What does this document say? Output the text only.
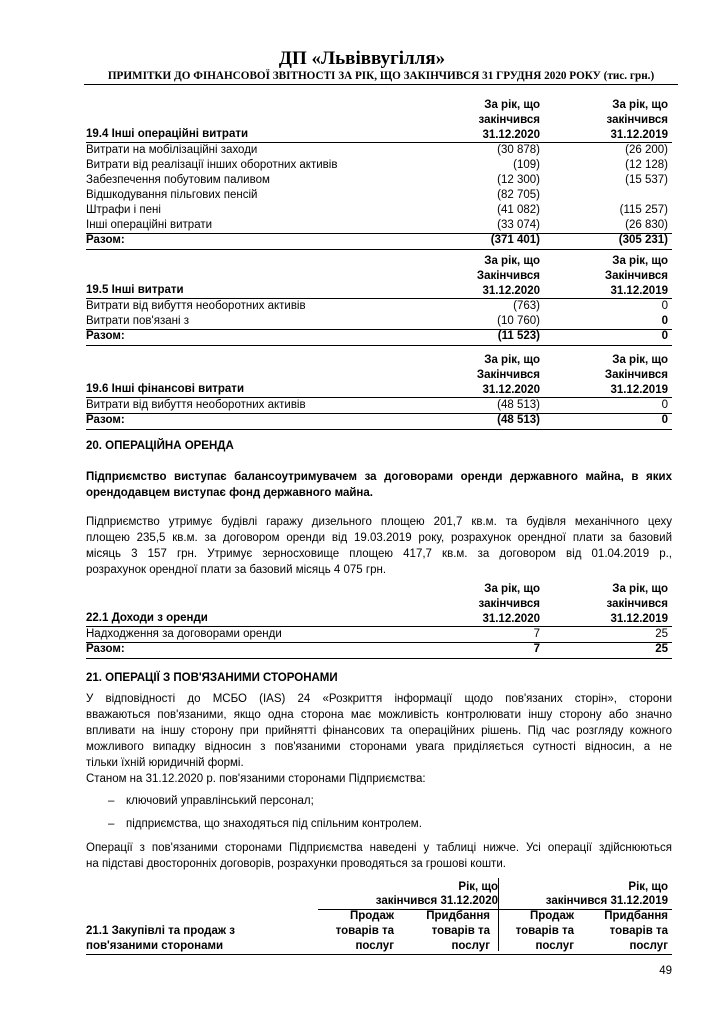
ДП «Львіввугілля»
ПРИМІТКИ ДО ФІНАНСОВОЇ ЗВІТНОСТІ ЗА РІК, ЩО ЗАКІНЧИВСЯ 31 ГРУДНЯ 2020 РОКУ (тис. грн.)
За рік, що
закінчився
31.12.2020
За рік, що
закінчився
31.12.2019
19.4 Інші операційні витрати
Витрати на мобілізаційні заходи	(30 878)	(26 200)
Витрати від реалізації інших оборотних активів	(109)	(12 128)
Забезпечення побутовим паливом	(12 300)	(15 537)
Відшкодування пільгових пенсій	(82 705)
Штрафи і пені	(41 082)	(115 257)
Інші операційні витрати	(33 074)	(26 830)
Разом:	(371 401)	(305 231)
За рік, що
Закінчився
31.12.2020
За рік, що
Закінчився
31.12.2019
19.5 Інші витрати
Витрати від вибуття необоротних активів	(763)	0
Витрати пов'язані з	(10 760)	0
Разом:	(11 523)	0
За рік, що
Закінчився
31.12.2020
За рік, що
Закінчився
31.12.2019
19.6 Інші фінансові витрати
Витрати від вибуття необоротних активів	(48 513)	0
Разом:	(48 513)	0
20. ОПЕРАЦІЙНА ОРЕНДА
Підприємство виступає балансоутримувачем за договорами оренди державного майна, в яких
орендодавцем виступає фонд державного майна.
Підприємство утримує будівлі гаражу дизельного площею 201,7 кв.м. та будівля механічного цеху
площею 235,5 кв.м. за договором оренди від 19.03.2019 року, розрахунок орендної плати за базовий
місяць 3 157 грн. Утримує зерносховище площею 417,7 кв.м. за договором від 01.04.2019 р.,
розрахунок орендної плати за базовий місяць 4 075 грн.
За рік, що
закінчився
31.12.2020
За рік, що
закінчився
31.12.2019
22.1 Доходи з оренди
Надходження за договорами оренди	7	25
Разом:	7	25
21. ОПЕРАЦІЇ З ПОВ'ЯЗАНИМИ СТОРОНАМИ
У відповідності до МСБО (IAS) 24 «Розкриття інформації щодо пов'язаних сторін», сторони
вважаються пов'язаними, якщо одна сторона має можливість контролювати іншу сторону або значно
впливати на іншу сторону при прийнятті фінансових та операційних рішень. Під час розгляду кожного
можливого випадку відносин з пов'язаними сторонами увага приділяється сутності відносин, а не
тільки їхній юридичній формі.
Станом на 31.12.2020 р. пов'язаними сторонами Підприємства:
– ключовий управлінський персонал;
– підприємства, що знаходяться під спільним контролем.
Операції з пов'язаними сторонами Підприємства наведені у таблиці нижче. Усі операції здійснюються
на підставі двосторонніх договорів, розрахунки проводяться за грошові кошти.
Рік, що
закінчився 31.12.2020
Рік, що
закінчився 31.12.2019
21.1 Закупівлі та продаж з
пов'язаними сторонами
Продаж
товарів та
послуг
Придбання
товарів та
послуг
Продаж
товарів та
послуг
Придбання
товарів та
послуг
49
